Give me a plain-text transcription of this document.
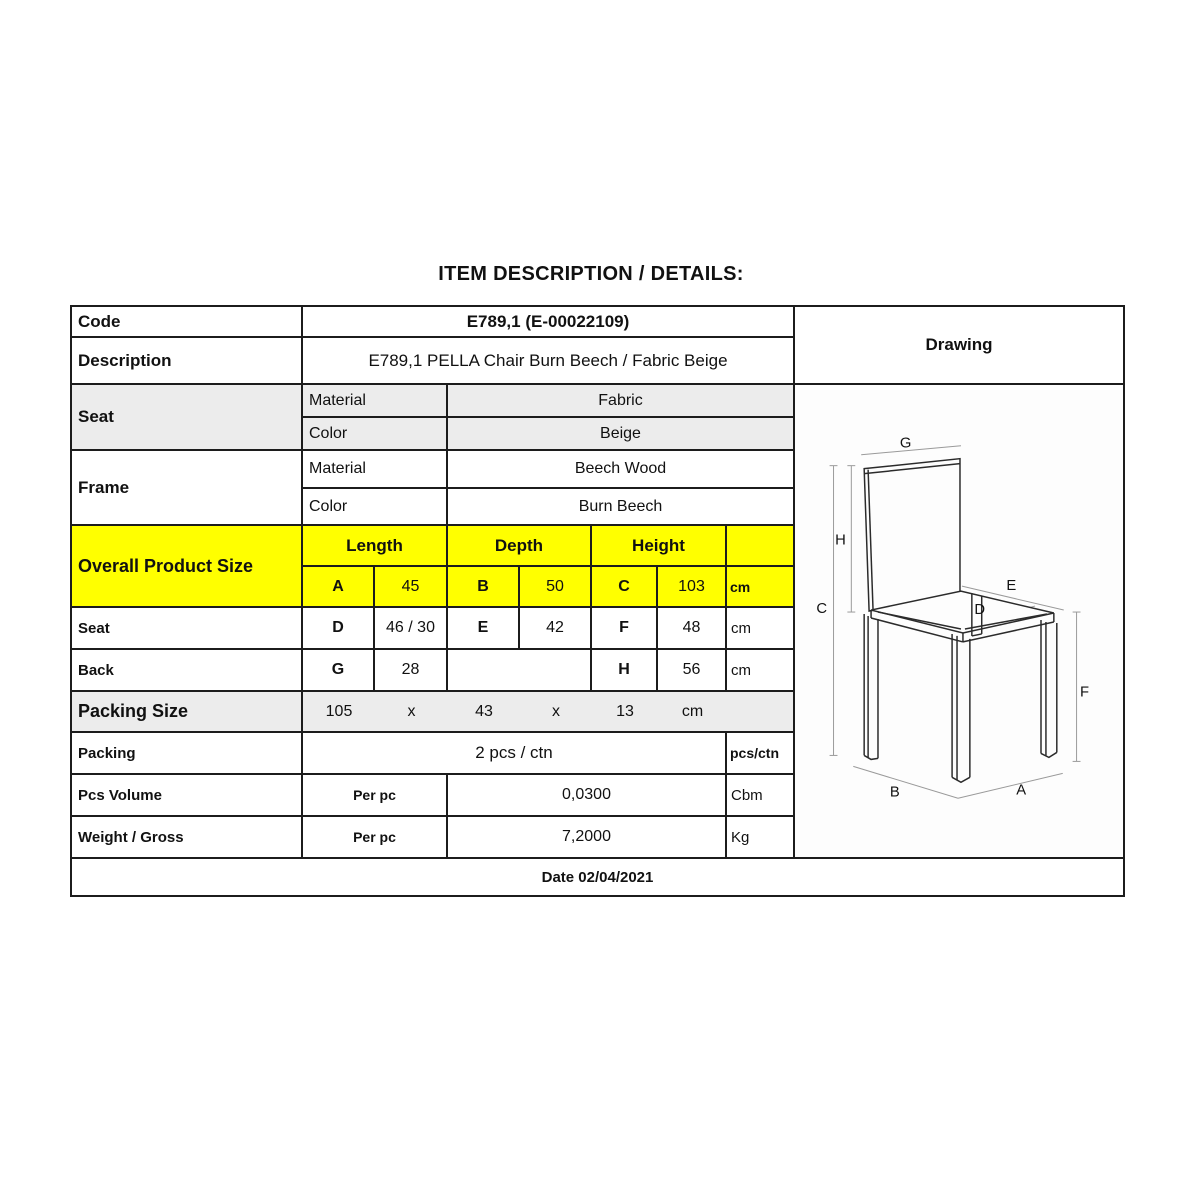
ITEM DESCRIPTION / DETAILS:
Code	E789,1 (E-00022109)
Description	E789,1 PELLA Chair Burn Beech / Fabric Beige
Seat
Material	Fabric
Color	Beige
Frame
Material	Beech Wood
Color	Burn Beech
Overall Product Size
Length	Depth	Height
A	45	B	50	C	103	cm
Seat	D	46 / 30	E	42	F	48	cm
Back	G	28	H	56	cm
Packing Size	105	x	43	x	13	cm
Packing	2 pcs / ctn	pcs/ctn
Pcs Volume	Per pc	0,0300	Cbm
Weight / Gross	Per pc	7,2000	Kg
Drawing
G
H
C
E
D
F
B	A
Date 02/04/2021
